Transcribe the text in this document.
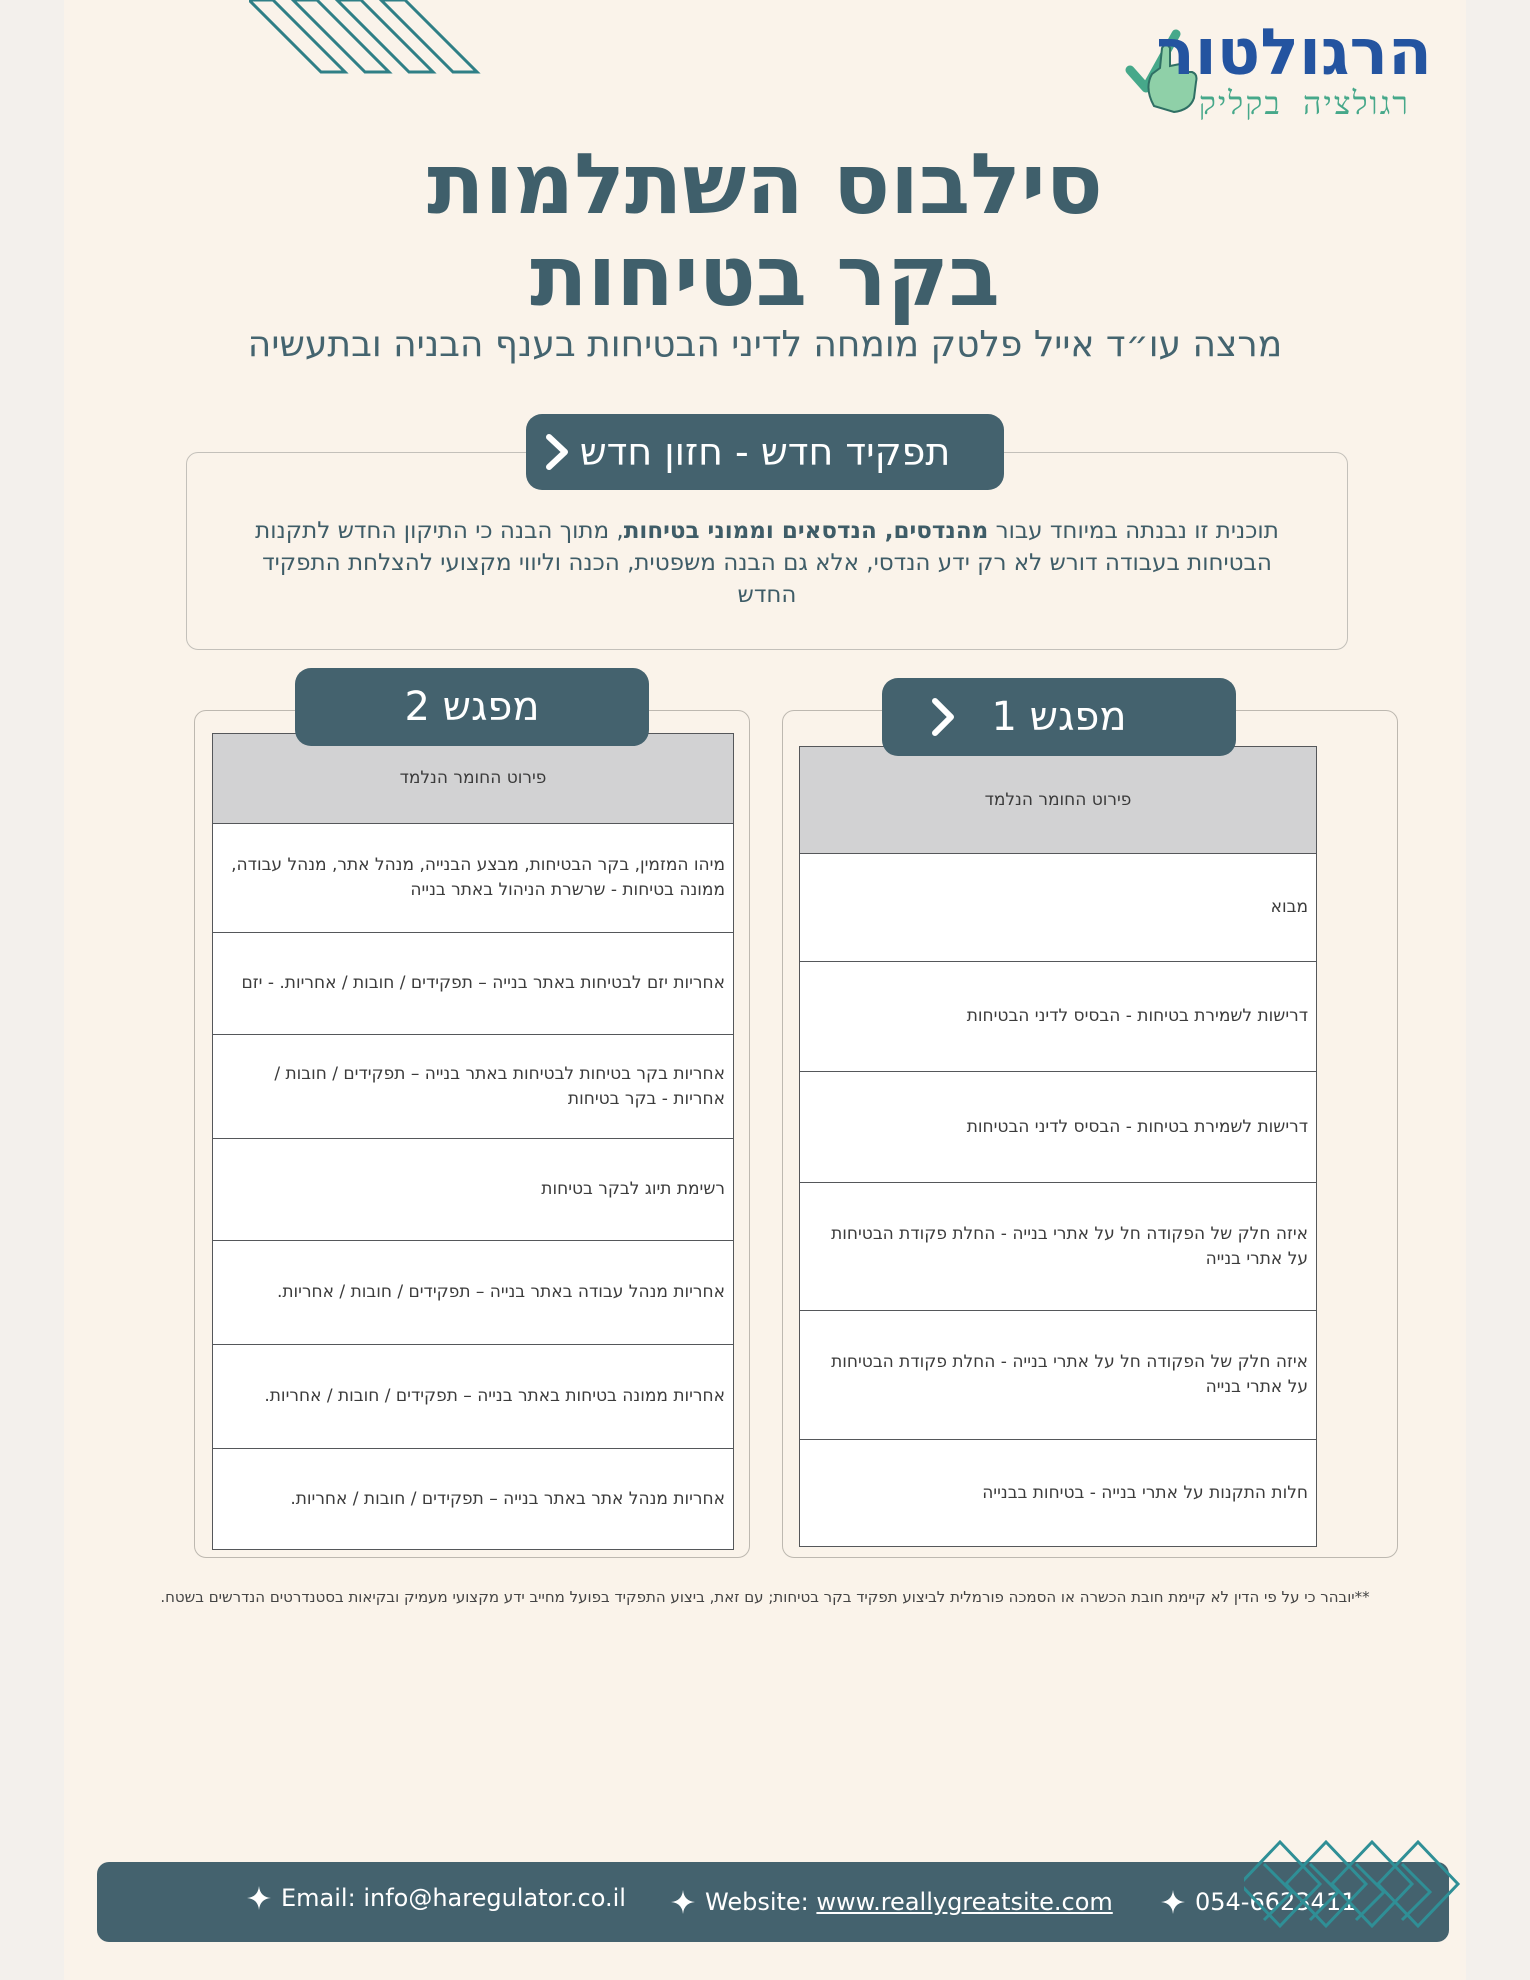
הרגולטור
רגולציה בקליק
סילבוס השתלמות
בקר בטיחות
מרצה עו״ד אייל פלטק מומחה לדיני הבטיחות בענף הבניה ובתעשיה
תוכנית זו נבנתה במיוחד עבור מהנדסים, הנדסאים וממוני בטיחות, מתוך הבנה כי התיקון החדש לתקנות הבטיחות בעבודה דורש לא רק ידע הנדסי, אלא גם הבנה משפטית, הכנה וליווי מקצועי להצלחת התפקיד החדש
תפקיד חדש - חזון חדש
פירוט החומר הנלמד
מבוא
דרישות לשמירת בטיחות - הבסיס לדיני הבטיחות
דרישות לשמירת בטיחות - הבסיס לדיני הבטיחות
איזה חלק של הפקודה חל על אתרי בנייה - החלת פקודת הבטיחות על אתרי בנייה
איזה חלק של הפקודה חל על אתרי בנייה - החלת פקודת הבטיחות על אתרי בנייה
חלות התקנות על אתרי בנייה - בטיחות בבנייה
מפגש 1
פירוט החומר הנלמד
מיהו המזמין, בקר הבטיחות, מבצע הבנייה, מנהל אתר, מנהל עבודה, ממונה בטיחות - שרשרת הניהול באתר בנייה
אחריות יזם לבטיחות באתר בנייה – תפקידים / חובות / אחריות. - יזם
אחריות בקר בטיחות לבטיחות באתר בנייה – תפקידים / חובות / אחריות - בקר בטיחות
רשימת תיוג לבקר בטיחות
אחריות מנהל עבודה באתר בנייה – תפקידים / חובות / אחריות.
אחריות ממונה בטיחות באתר בנייה – תפקידים / חובות / אחריות.
אחריות מנהל אתר באתר בנייה – תפקידים / חובות / אחריות.
מפגש 2
**יובהר כי על פי הדין לא קיימת חובת הכשרה או הסמכה פורמלית לביצוע תפקיד בקר בטיחות; עם זאת, ביצוע התפקיד בפועל מחייב ידע מקצועי מעמיק ובקיאות בסטנדרטים הנדרשים בשטח.
Email:
info@haregulator.co.il	Website:
www.reallygreatsite.com	054-6623411
